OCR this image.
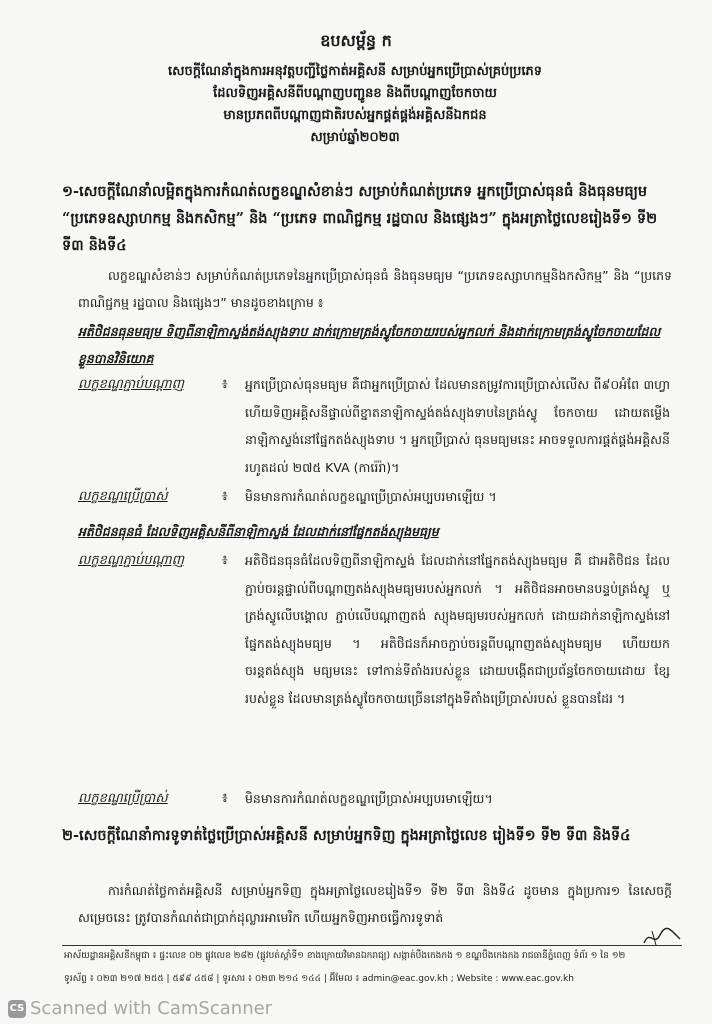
ឧបសម្ព័ន្ធ ក
សេចក្តីណែនាំក្នុងការអនុវត្តបញ្ជីថ្លៃកាត់អគ្គិសនី សម្រាប់អ្នកប្រើប្រាស់គ្រប់ប្រភេទ
ដែលទិញអគ្គិសនីពីបណ្តាញបញ្ជូនខ និងពីបណ្តាញចែកចាយ
មានប្រភពពីបណ្តាញជាតិរបស់អ្នកផ្គត់ផ្គង់អគ្គិសនីឯកជន
សម្រាប់ឆ្នាំ២០២៣
១-សេចក្តីណែនាំលម្អិតក្នុងការកំណត់លក្ខខណ្ឌសំខាន់ៗ សម្រាប់កំណត់ប្រភេទ អ្នកប្រើប្រាស់ធុនធំ និងធុនមធ្យម “ប្រភេទឧស្សាហកម្ម និងកសិកម្ម” និង “ប្រភេទ ពាណិជ្ជកម្ម រដ្ឋបាល និងផ្សេងៗ” ក្នុងអត្រាថ្លៃលេខរៀងទី១ ទី២ ទី៣ និងទី៤
លក្ខខណ្ឌសំខាន់ៗ សម្រាប់កំណត់ប្រភេទនៃអ្នកប្រើប្រាស់ធុនធំ និងធុនមធ្យម “ប្រភេទឧស្សាហកម្មនិងកសិកម្ម” និង “ប្រភេទពាណិជ្ជកម្ម រដ្ឋបាល និងផ្សេងៗ” មានដូចខាងក្រោម ៖
អតិថិជនធុនមធ្យម ទិញពីនាឡិកាស្ទង់តង់ស្យុងទាប ដាក់ក្រោមត្រង់ស្វូចែកចាយរបស់អ្នកលក់ និងដាក់ក្រោមត្រង់ស្វូចែកចាយដែលខ្លួនបានវិនិយោគ
លក្ខខណ្ឌភ្ជាប់បណ្តាញ	៖ អ្នកប្រើប្រាស់ធុនមធ្យម គឺជាអ្នកប្រើប្រាស់ ដែលមានតម្រូវការប្រើប្រាស់លើស ពី៩០អំពែ ៣ហ្វា ហើយទិញអគ្គិសនីផ្ទាល់ពីខ្នាតនាឡិកាស្ទង់តង់ស្យុងទាបនៃត្រង់ស្វូ ចែកចាយ ដោយតម្លើងនាឡិកាស្ទង់នៅផ្នែកតង់ស្យុងទាប ។ អ្នកប្រើប្រាស់ ធុនមធ្យមនេះ អាចទទួលការផ្គត់ផ្គង់អគ្គិសនីរហូតដល់ ២៧៥ KVA (ការ៉េរ៉ា)។
លក្ខខណ្ឌប្រើប្រាស់	៖ មិនមានការកំណត់លក្ខខណ្ឌប្រើប្រាស់អប្បបរមាឡើយ ។
អតិថិជនធុនធំ ដែលទិញអគ្គិសនីពីនាឡិកាស្ទង់ ដែលដាក់នៅផ្នែកតង់ស្យុងមធ្យម
លក្ខខណ្ឌភ្ជាប់បណ្តាញ	៖ អតិថិជនធុនធំដែលទិញពីនាឡិកាស្ទង់ ដែលដាក់នៅផ្នែកតង់ស្យុងមធ្យម គឺ ជាអតិថិជន ដែលភ្ជាប់ចរន្តផ្ទាល់ពីបណ្តាញតង់ស្យុងមធ្យមរបស់អ្នកលក់ ។ អតិថិជនអាចមានបន្ទប់ត្រង់ស្វូ ឬត្រង់ស្វូលើបង្គោល ភ្ជាប់លើបណ្តាញតង់ ស្យុងមធ្យមរបស់អ្នកលក់ ដោយដាក់នាឡិកាស្ទង់នៅផ្នែកតង់ស្យុងមធ្យម ។ អតិថិជនក៏អាចភ្ជាប់ចរន្តពីបណ្តាញតង់ស្យុងមធ្យម ហើយយកចរន្តតង់ស្យុង មធ្យមនេះ ទៅកាន់ទីតាំងរបស់ខ្លួន ដោយបង្កើតជាប្រព័ន្ធចែកចាយដោយ ខ្សែរបស់ខ្លួន ដែលមានត្រង់ស្វូចែកចាយច្រើននៅក្នុងទីតាំងប្រើប្រាស់របស់ ខ្លួនបានដែរ ។
លក្ខខណ្ឌប្រើប្រាស់	៖ មិនមានការកំណត់លក្ខខណ្ឌប្រើប្រាស់អប្បបរមាឡើយ។
២-សេចក្តីណែនាំការទូទាត់ថ្លៃប្រើប្រាស់អគ្គិសនី សម្រាប់អ្នកទិញ ក្នុងអត្រាថ្លៃលេខ រៀងទី១ ទី២ ទី៣ និងទី៤
ការកំណត់ថ្លៃកាត់អគ្គិសនី សម្រាប់អ្នកទិញ ក្នុងអត្រាថ្លៃលេខរៀងទី១ ទី២ ទី៣ និងទី៤ ដូចមាន ក្នុងប្រការ១ នៃសេចក្តីសម្រេចនេះ ត្រូវបានកំណត់ជាប្រាក់ដុល្លារអាមេរិក ហើយអ្នកទិញអាចធ្វើការទូទាត់
អាស័យដ្ឋានអគ្គិសនីកម្ពុជា ៖ ផ្ទះលេខ ០២ ផ្លូវលេខ ២៨២ (ផ្លូវបត់ស្តាំទី១ ខាងក្រោយវិមានឯករាជ្យ) សង្កាត់បឹងកេងកង ១ ខណ្ឌបឹងកេងកង រាជធានីភ្នំពេញ ទំព័រ ១ នៃ ១២
ទូរស័ព្ទ ៖ ០២៣ ២១៧ ២៥៥ | ៥៩៩ ៤៥៨ | ទូរសារ ៖ ០២៣ ២១៤ ១៤៤ | អ៊ីមែល ៖ admin@eac.gov.kh ; Website : www.eac.gov.kh
CS Scanned with CamScanner
